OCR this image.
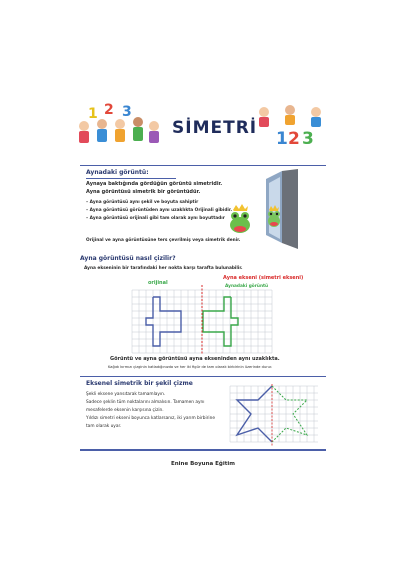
1 2 3
SİMETRİ
1 2 3
Aynadaki görüntü:
Aynaya baktığında gördüğün görüntü simetridir.
Ayna görüntüsü simetrik bir görüntüdür.
– Ayna görüntüsü aynı şekil ve boyuta sahiptir
– Ayna görüntüsü görüntüden aynı uzaklıkta Orijinali gibidir.
– Ayna görüntüsü orijinali gibi tam olarak aynı boyuttadır
Orijinal ve ayna görüntüsüne ters çevrilmiş veya simetrik denir.
Ayna görüntüsü nasıl çizilir?
Ayna ekseninin bir tarafındaki her nokta karşı tarafta bulunabilir.
orijinal
Ayna ekseni (simetri ekseni)
Aynadaki görüntü
Görüntü ve ayna görüntüsü ayna ekseninden aynı uzaklıkta.
Kağıdı kırmızı çizginin katladığınızda ve her iki figür de tam olarak birbirinin üzerinde durur.
Eksenel simetrik bir şekil çizme
Şekli eksene yansıtarak tamamlayın.
Sadece şeklin tüm noktalarını almalısın. Tamamen aynı
mesafelerde eksenin karşısına çizin.
Yıldızı simetri ekseni boyunca katlarsanız, iki yarım birbirine
tam olarak uyar.
Enine Boyuna Eğitim
